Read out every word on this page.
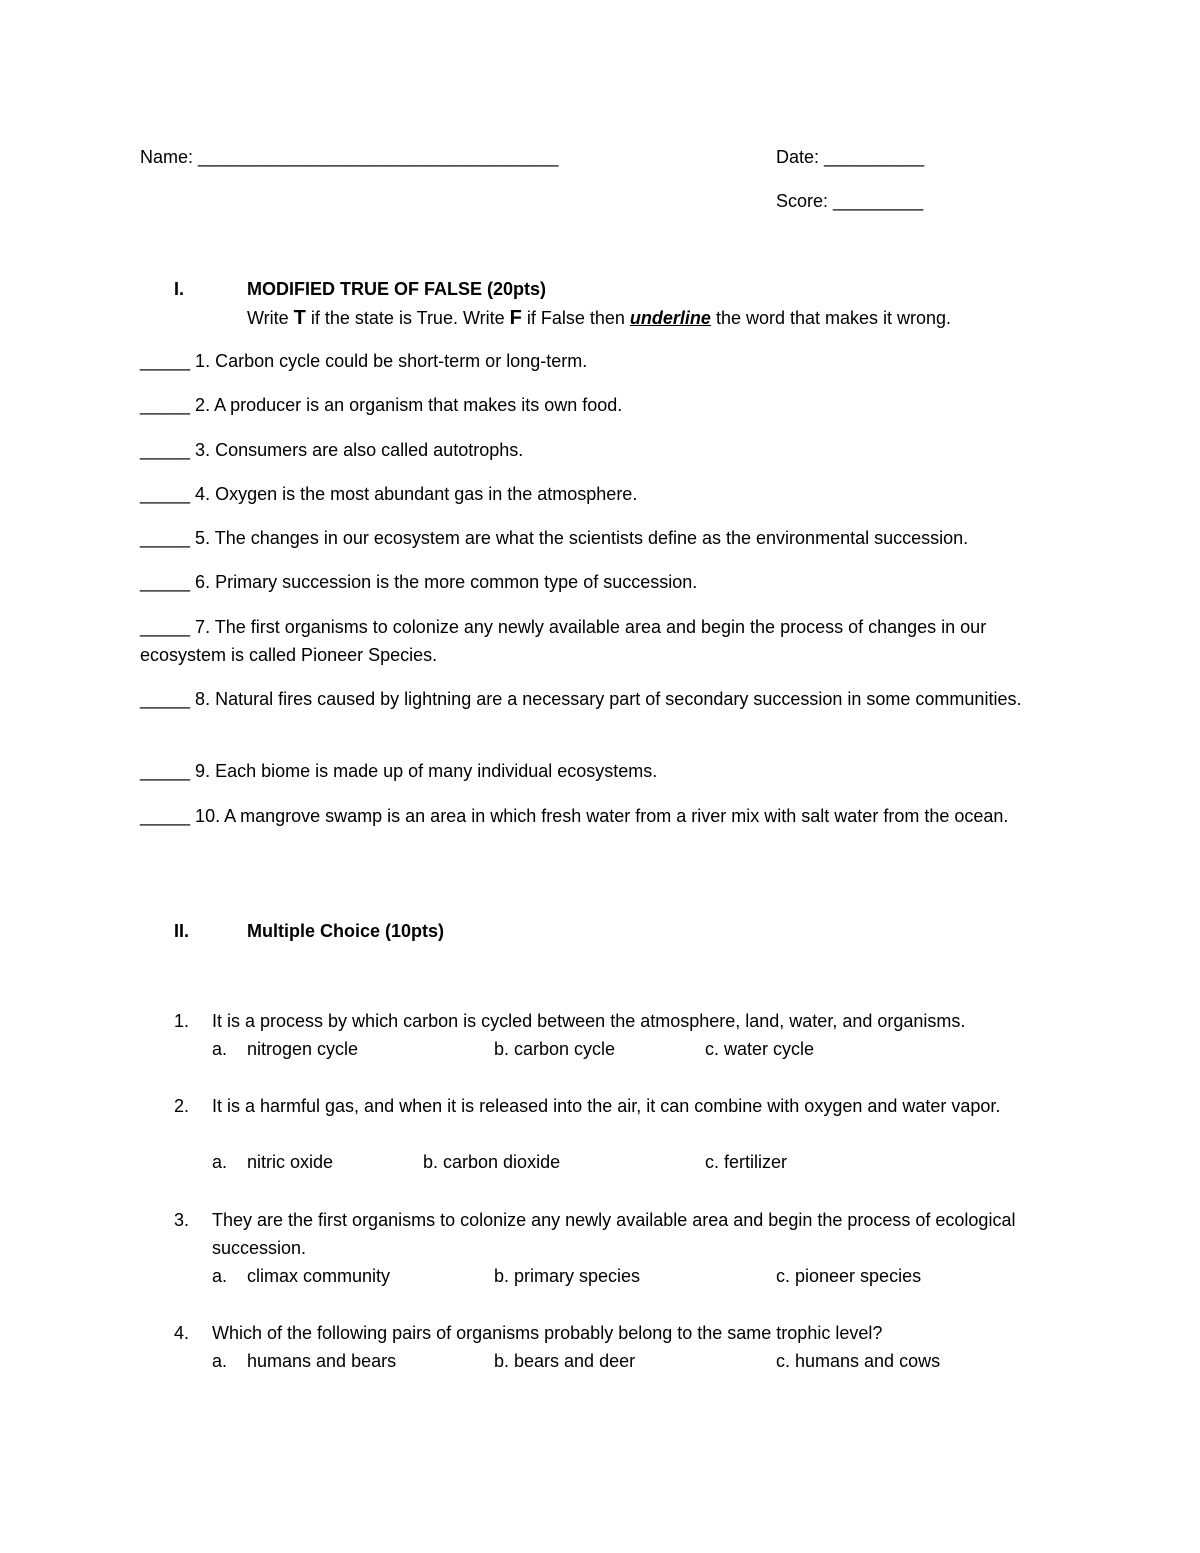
Name: ____________________________________	Date: __________
Score: _________
I.	MODIFIED TRUE OF FALSE (20pts)
Write T if the state is True. Write F if False then underline the word that makes it wrong.
_____ 1. Carbon cycle could be short-term or long-term.
_____ 2. A producer is an organism that makes its own food.
_____ 3. Consumers are also called autotrophs.
_____ 4. Oxygen is the most abundant gas in the atmosphere.
_____ 5. The changes in our ecosystem are what the scientists define as the environmental succession.
_____ 6. Primary succession is the more common type of succession.
_____ 7. The first organisms to colonize any newly available area and begin the process of changes in our ecosystem is called Pioneer Species.
_____ 8. Natural fires caused by lightning are a necessary part of secondary succession in some communities.
_____ 9. Each biome is made up of many individual ecosystems.
_____ 10. A mangrove swamp is an area in which fresh water from a river mix with salt water from the ocean.
II.	Multiple Choice (10pts)
1. It is a process by which carbon is cycled between the atmosphere, land, water, and organisms.
a. nitrogen cycle	b. carbon cycle	c. water cycle
2. It is a harmful gas, and when it is released into the air, it can combine with oxygen and water vapor.
a. nitric oxide	b. carbon dioxide	c. fertilizer
3. They are the first organisms to colonize any newly available area and begin the process of ecological succession.
a. climax community	b. primary species	c. pioneer species
4. Which of the following pairs of organisms probably belong to the same trophic level?
a. humans and bears	b. bears and deer	c. humans and cows
